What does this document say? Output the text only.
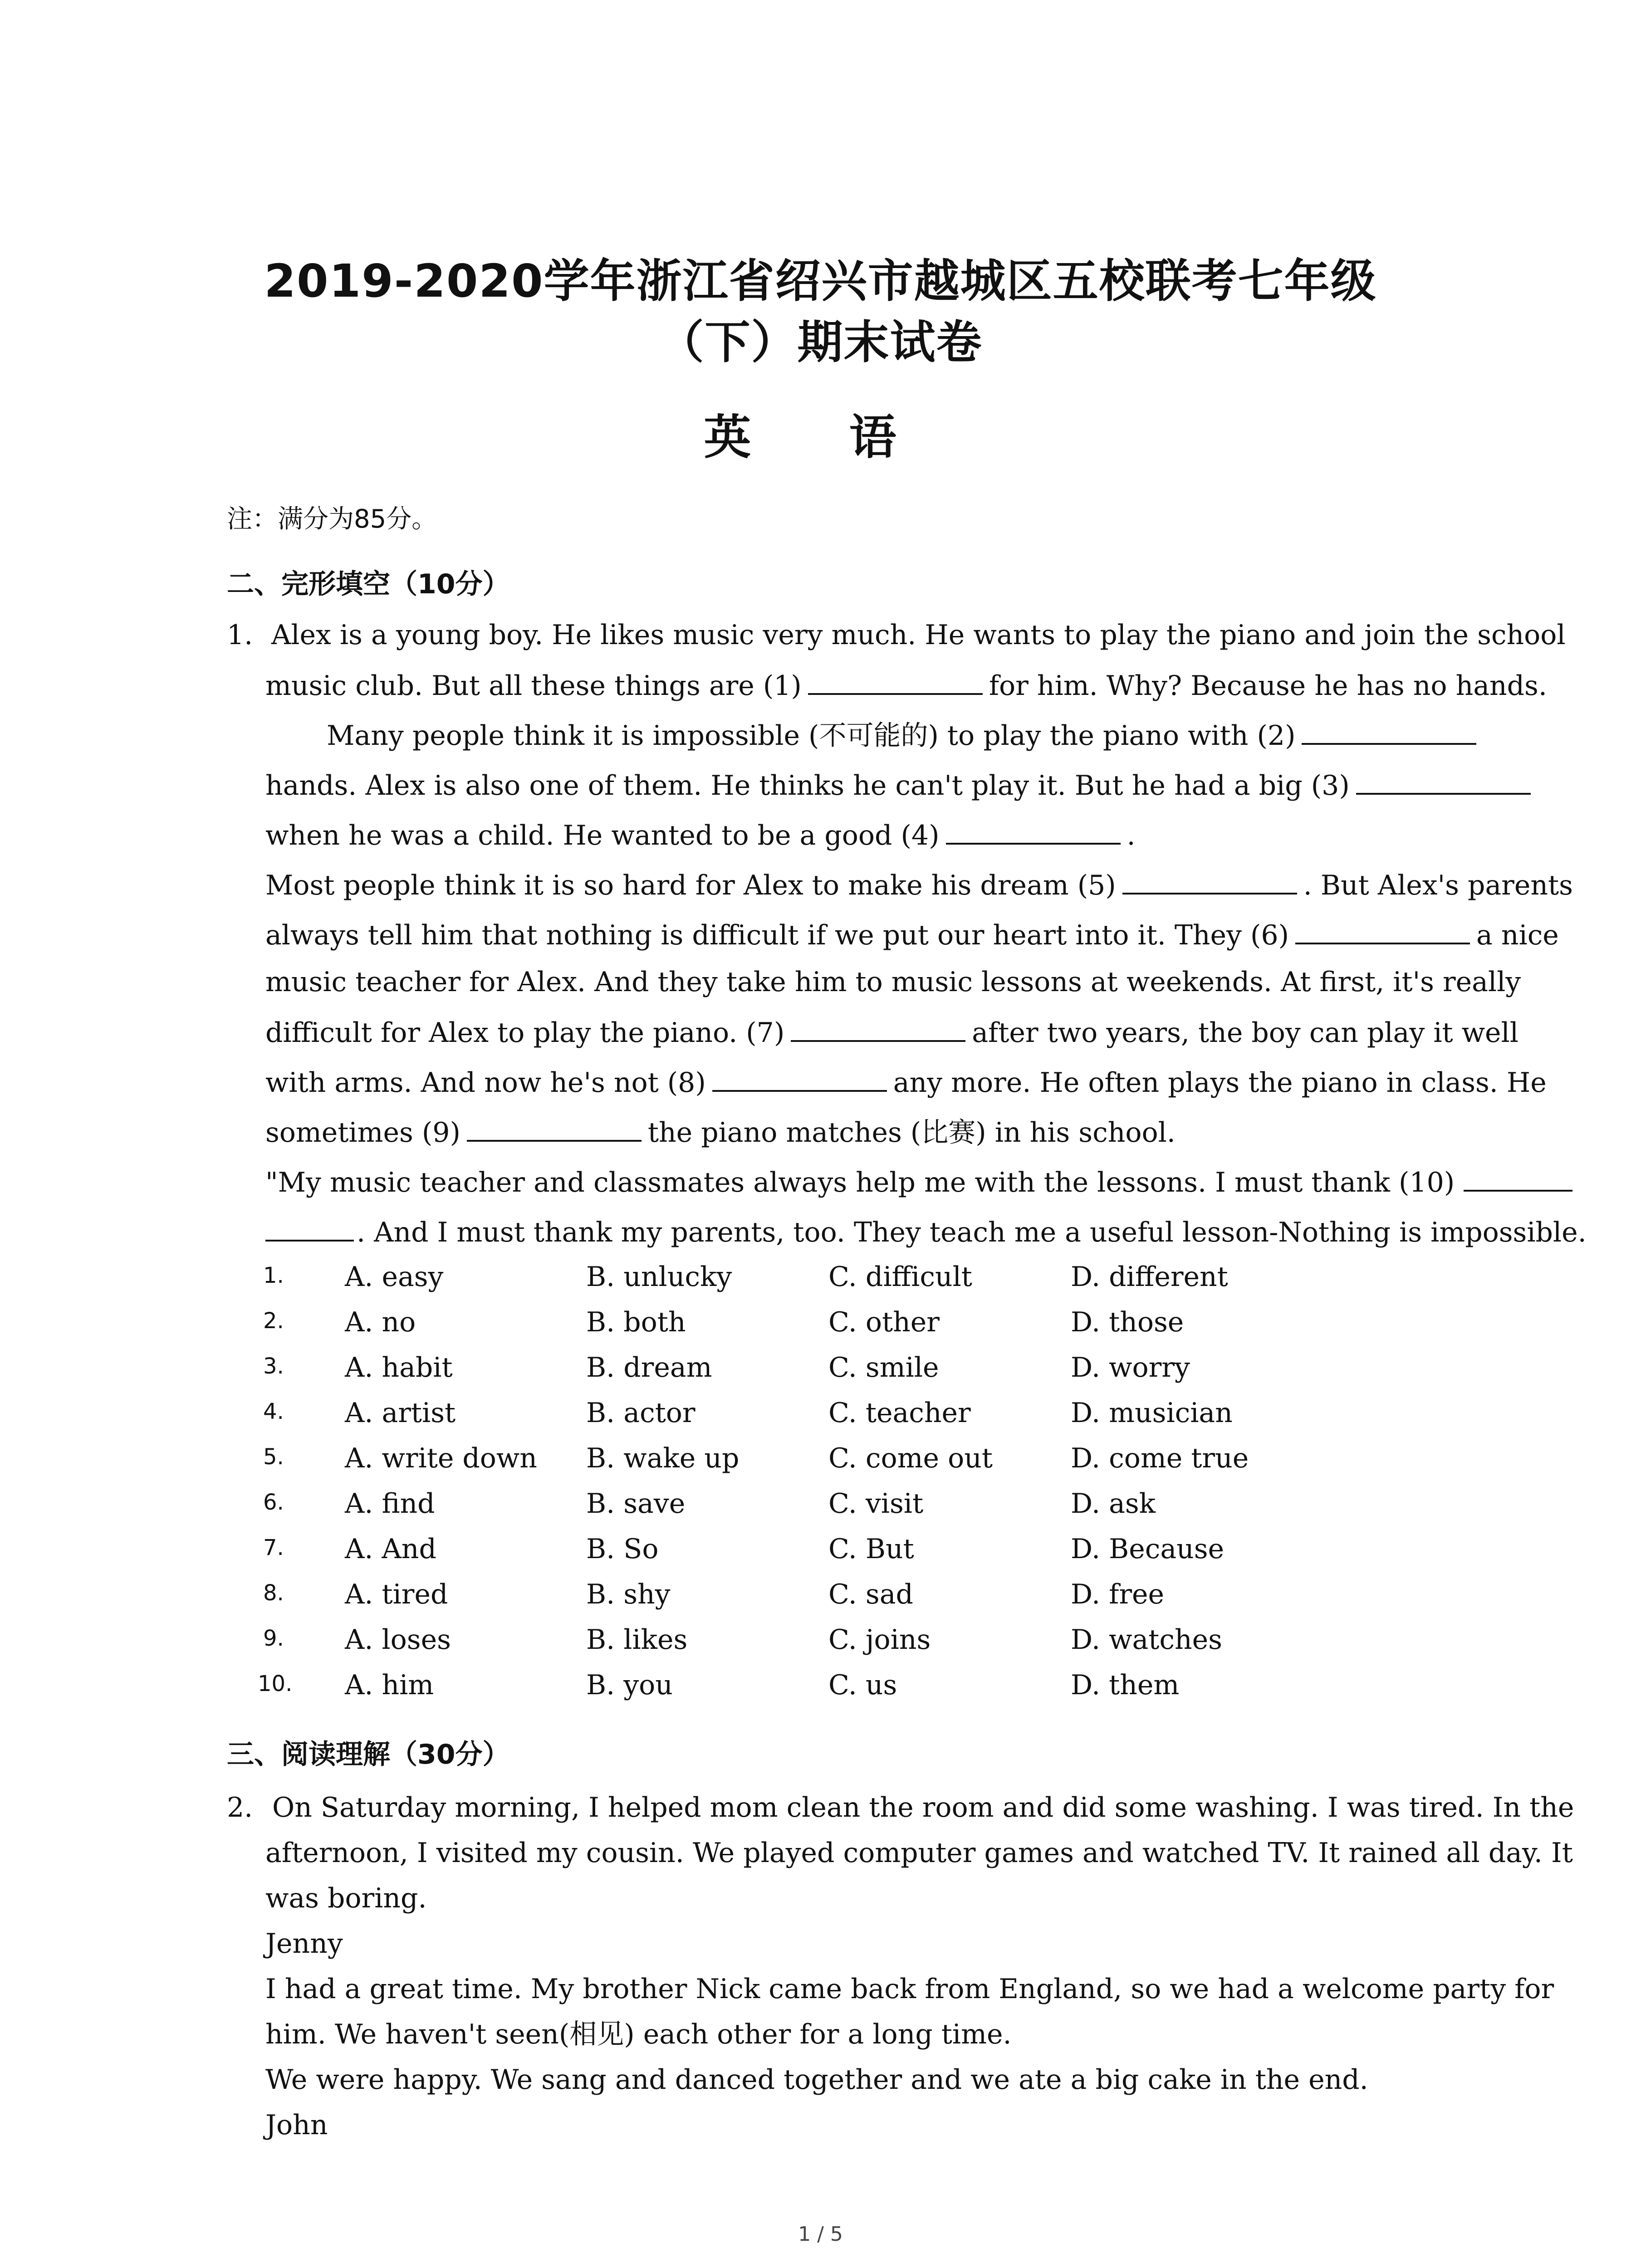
2019-2020学年浙江省绍兴市越城区五校联考七年级
（下）期末试卷
英 语
注：满分为85分。
二、完形填空（10分）
1. Alex is a young boy. He likes music very much. He wants to play the piano and join the school
music club. But all these things are (1)	for him. Why? Because he has no hands.
Many people think it is impossible (不可能的) to play the piano with (2)
hands. Alex is also one of them. He thinks he can't play it. But he had a big (3)
when he was a child. He wanted to be a good (4)	.
Most people think it is so hard for Alex to make his dream (5)	. But Alex's parents
always tell him that nothing is difficult if we put our heart into it. They (6)	a nice
music teacher for Alex. And they take him to music lessons at weekends. At first, it's really
difficult for Alex to play the piano. (7)	after two years, the boy can play it well
with arms. And now he's not (8)	any more. He often plays the piano in class. He
sometimes (9)	the piano matches (比赛) in his school.
"My music teacher and classmates always help me with the lessons. I must thank (10)
. And I must thank my parents, too. They teach me a useful lesson-Nothing is impossible.
1. A. easy	B. unlucky	C. difficult	D. different
2. A. no	B. both	C. other	D. those
3. A. habit	B. dream	C. smile	D. worry
4. A. artist	B. actor	C. teacher	D. musician
5. A. write down B. wake up	C. come out	D. come true
6. A. find	B. save	C. visit	D. ask
7. A. And	B. So	C. But	D. Because
8. A. tired	B. shy	C. sad	D. free
9. A. loses	B. likes	C. joins	D. watches
10. A. him	B. you	C. us	D. them
三、阅读理解（30分）
2. On Saturday morning, I helped mom clean the room and did some washing. I was tired. In the
afternoon, I visited my cousin. We played computer games and watched TV. It rained all day. It
was boring.
Jenny
I had a great time. My brother Nick came back from England, so we had a welcome party for
him. We haven't seen(相见) each other for a long time.
We were happy. We sang and danced together and we ate a big cake in the end.
John
1 / 5
